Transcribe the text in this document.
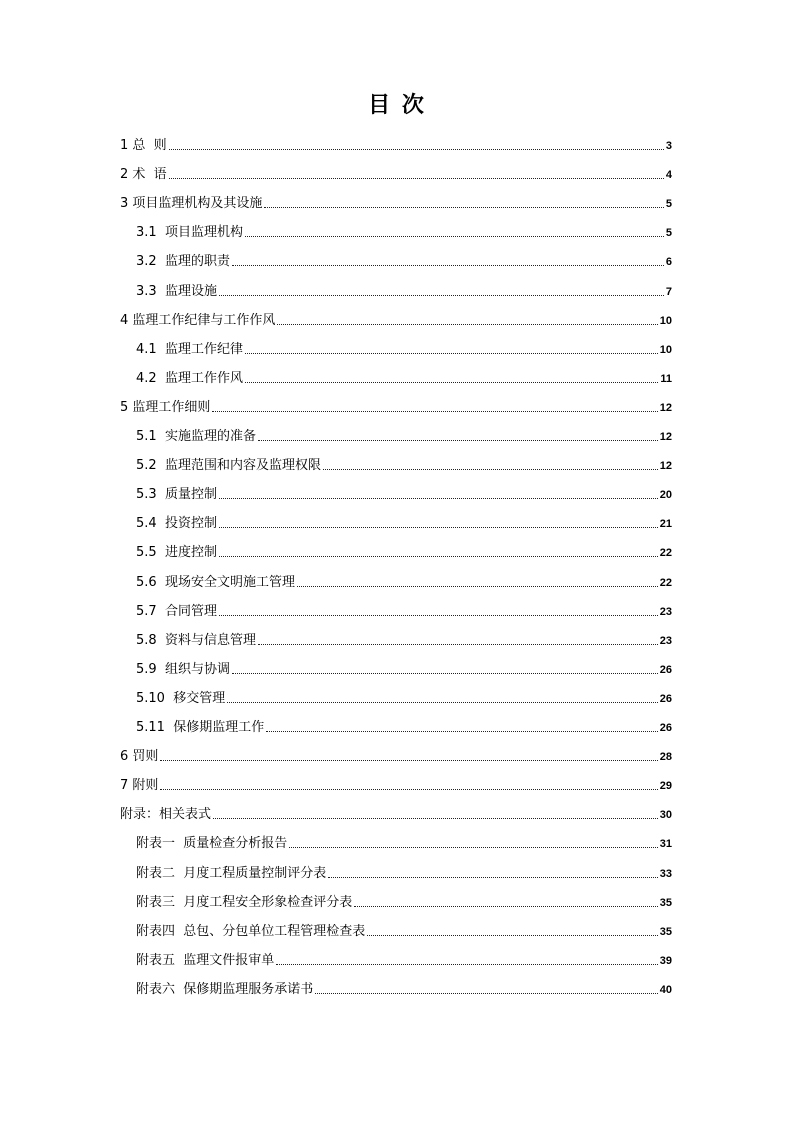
目 次
1 总  则	3
2 术  语	4
3 项目监理机构及其设施	5
3.1  项目监理机构	5
3.2  监理的职责	6
3.3  监理设施	7
4 监理工作纪律与工作作风	10
4.1  监理工作纪律	10
4.2  监理工作作风	11
5 监理工作细则	12
5.1  实施监理的准备	12
5.2  监理范围和内容及监理权限	12
5.3  质量控制	20
5.4  投资控制	21
5.5  进度控制	22
5.6  现场安全文明施工管理	22
5.7  合同管理	23
5.8  资料与信息管理	23
5.9  组织与协调	26
5.10  移交管理	26
5.11  保修期监理工作	26
6 罚则	28
7 附则	29
附录：相关表式	30
附表一  质量检查分析报告	31
附表二  月度工程质量控制评分表	33
附表三  月度工程安全形象检查评分表	35
附表四  总包、分包单位工程管理检查表	35
附表五  监理文件报审单	39
附表六  保修期监理服务承诺书	40
